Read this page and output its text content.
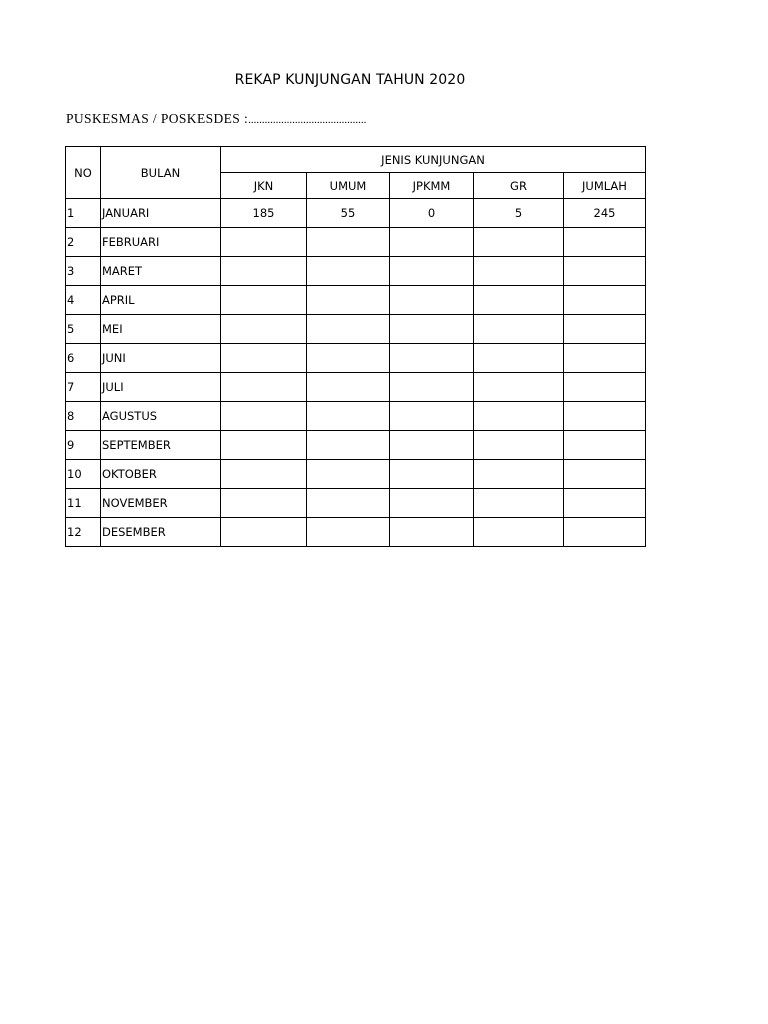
REKAP KUNJUNGAN TAHUN 2020
PUSKESMAS / POSKESDES :...........................................
NO	BULAN	JENIS KUNJUNGAN				
		JKN	UMUM	JPKMM	GR	JUMLAH
1	JANUARI	185	55	0	5	245
2	FEBRUARI					
3	MARET					
4	APRIL					
5	MEI					
6	JUNI					
7	JULI					
8	AGUSTUS					
9	SEPTEMBER					
10	OKTOBER					
11	NOVEMBER					
12	DESEMBER					
